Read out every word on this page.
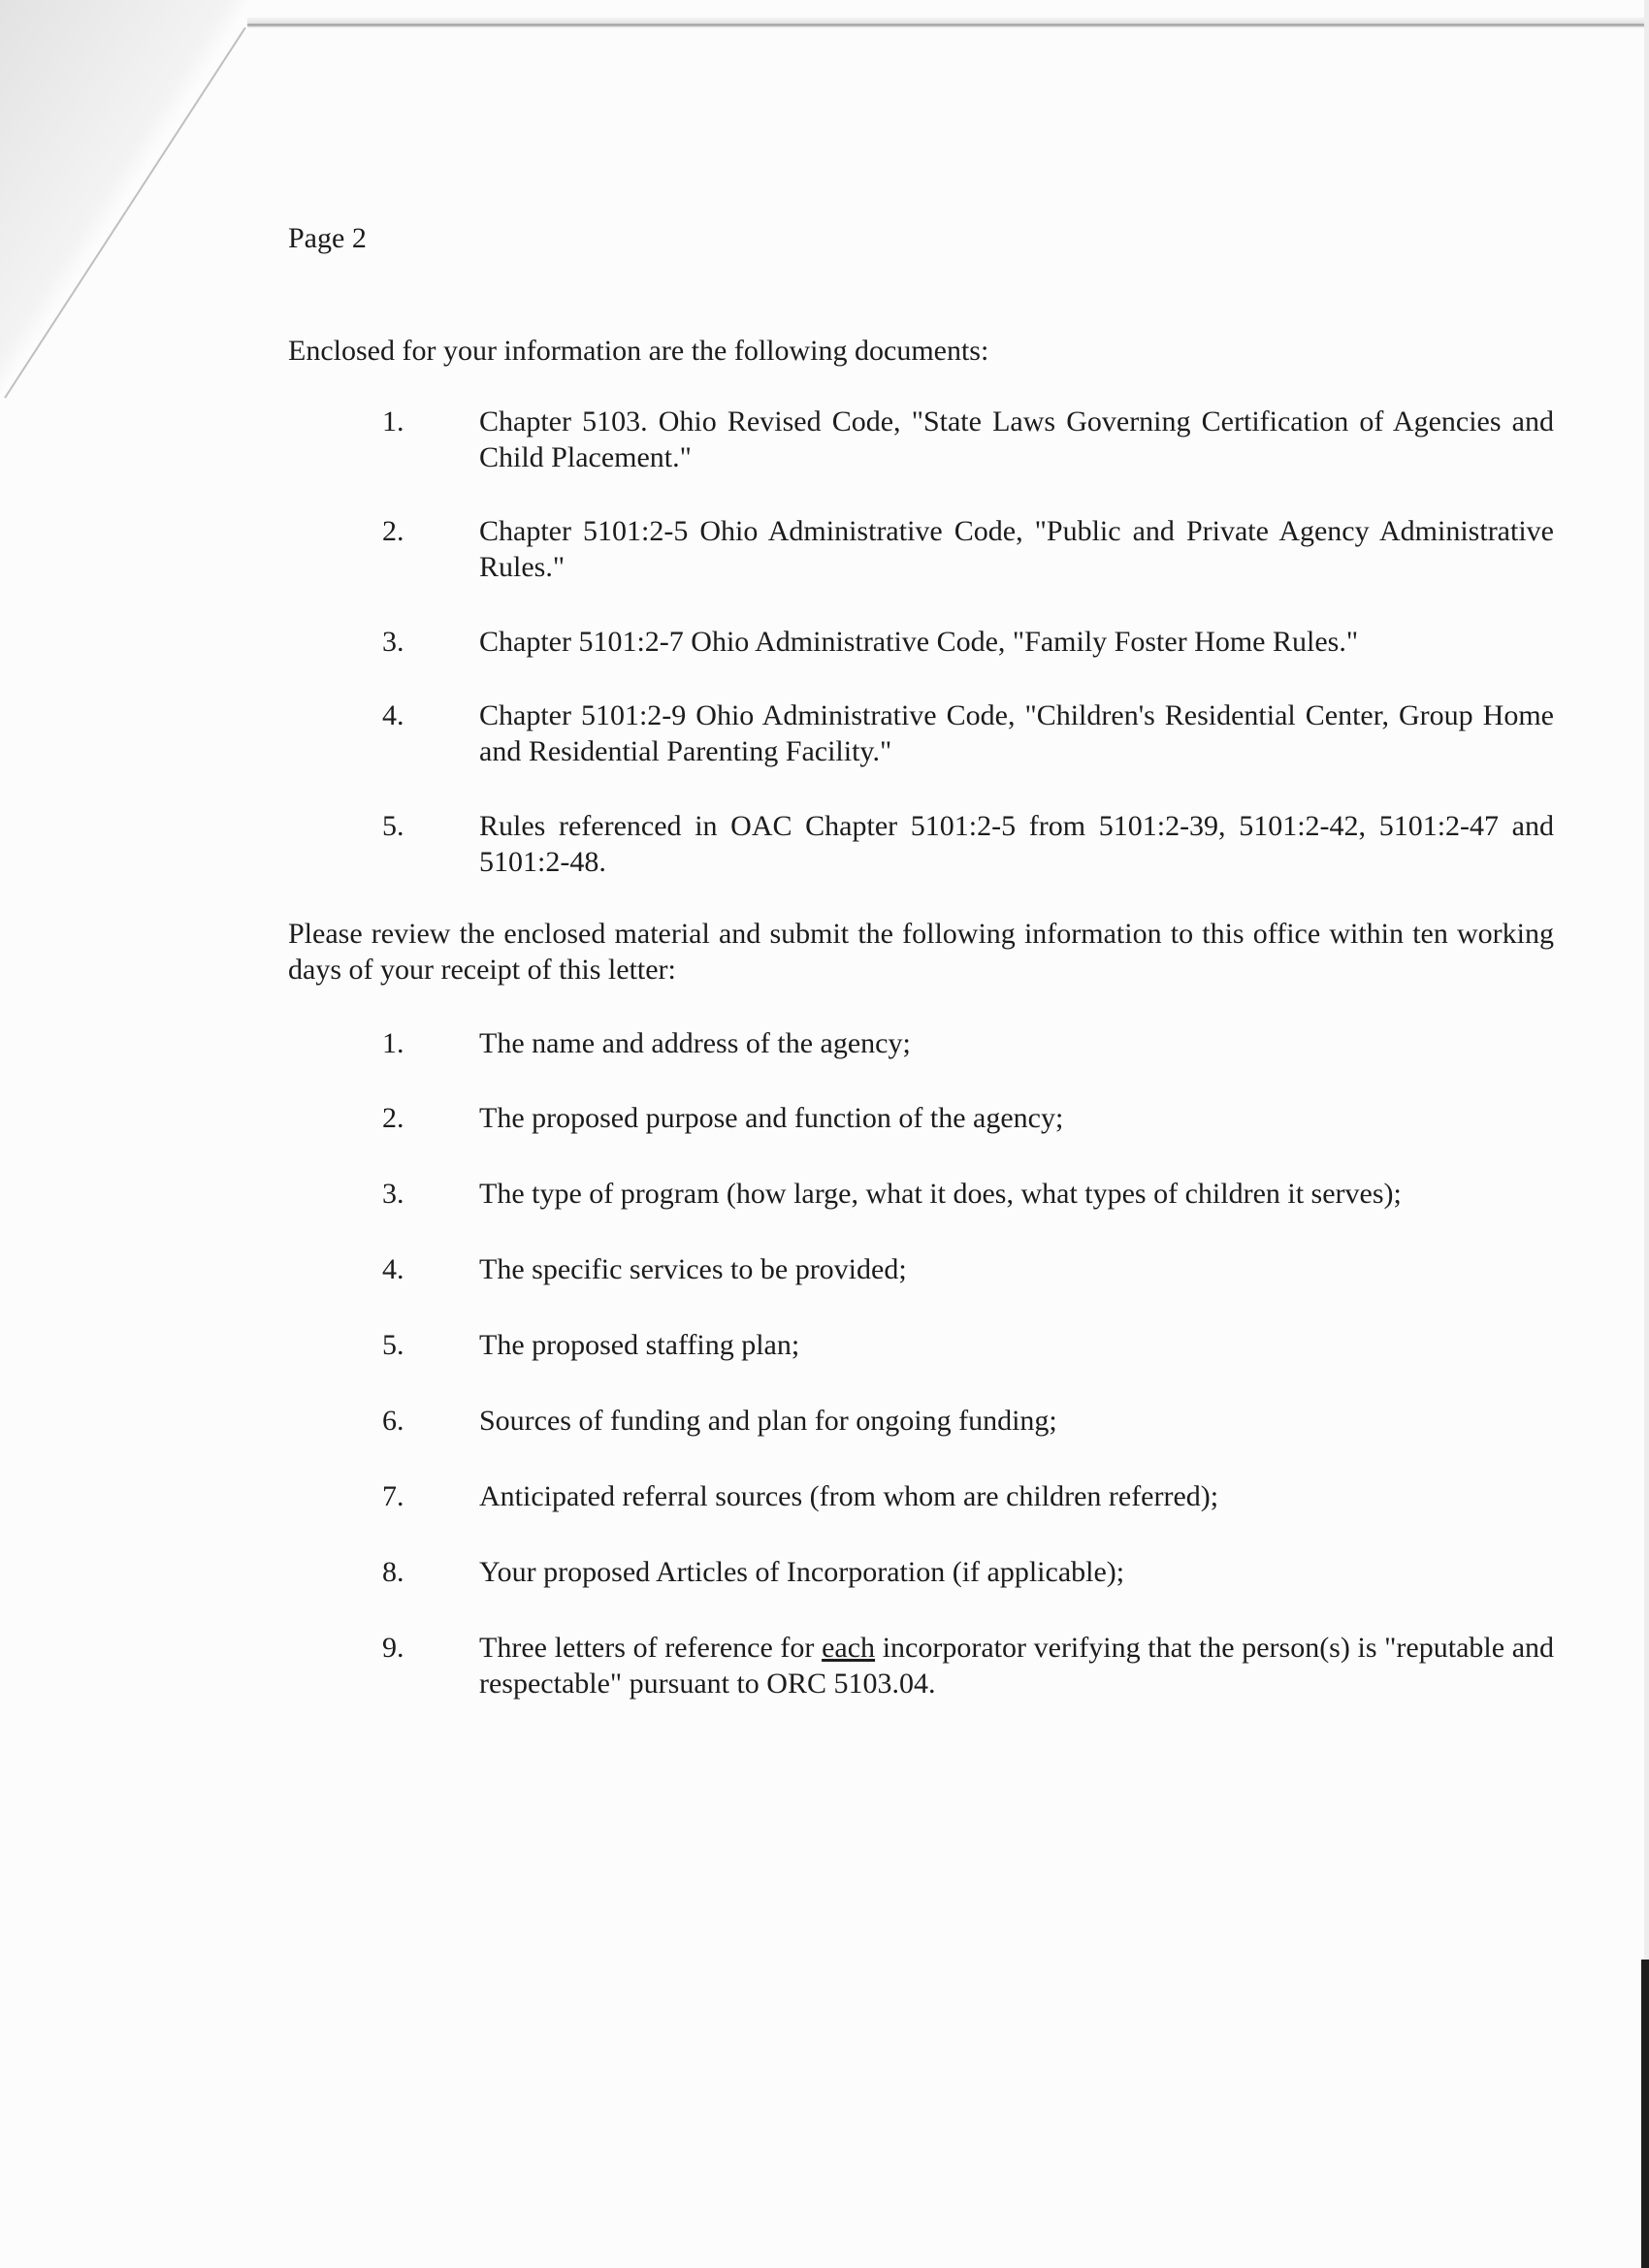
Page 2
Enclosed for your information are the following documents:
1.	Chapter 5103. Ohio Revised Code, "State Laws Governing Certification of Agencies and Child Placement."
2.	Chapter 5101:2-5 Ohio Administrative Code, "Public and Private Agency Administrative Rules."
3.	Chapter 5101:2-7 Ohio Administrative Code, "Family Foster Home Rules."
4.	Chapter 5101:2-9 Ohio Administrative Code, "Children's Residential Center, Group Home and Residential Parenting Facility."
5.	Rules referenced in OAC Chapter 5101:2-5 from 5101:2-39, 5101:2-42, 5101:2-47 and 5101:2-48.
Please review the enclosed material and submit the following information to this office within ten working days of your receipt of this letter:
1.	The name and address of the agency;
2.	The proposed purpose and function of the agency;
3.	The type of program (how large, what it does, what types of children it serves);
4.	The specific services to be provided;
5.	The proposed staffing plan;
6.	Sources of funding and plan for ongoing funding;
7.	Anticipated referral sources (from whom are children referred);
8.	Your proposed Articles of Incorporation (if applicable);
9.	Three letters of reference for each incorporator verifying that the person(s) is "reputable and respectable" pursuant to ORC 5103.04.
